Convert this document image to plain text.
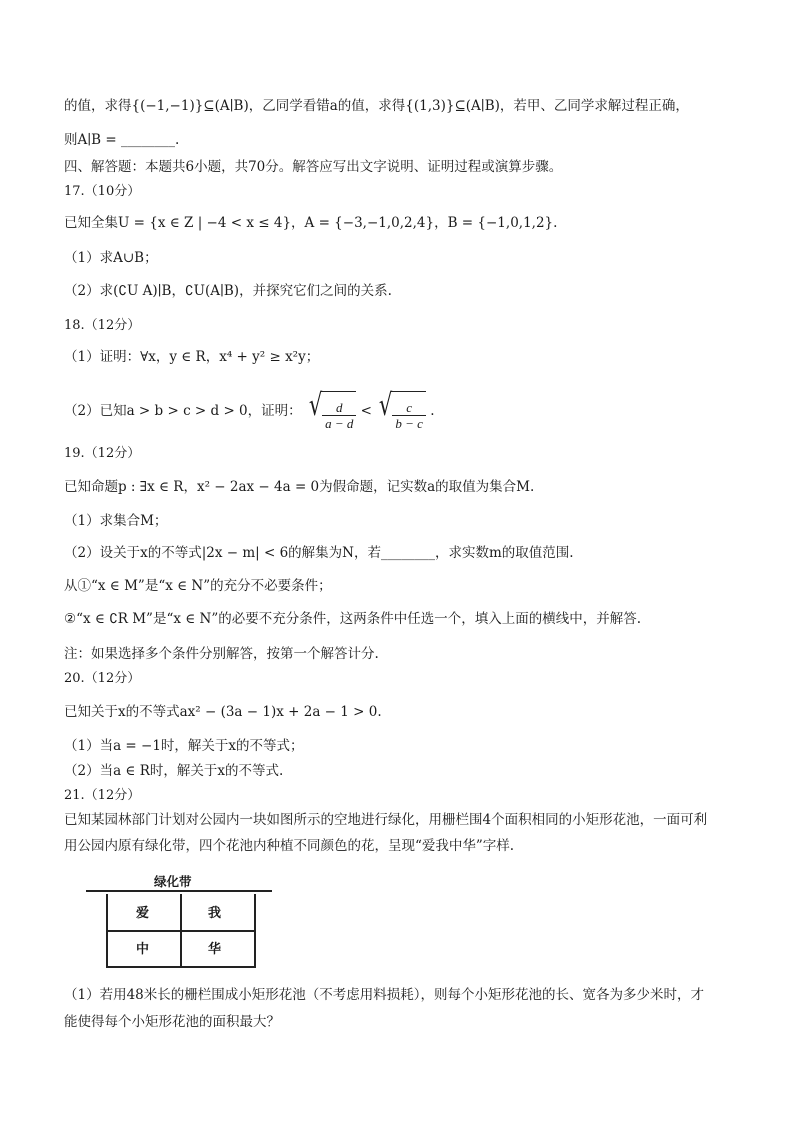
的值，求得{(−1,−1)}⊆(A∣B)，乙同学看错a的值，求得{(1,3)}⊆(A∣B)，若甲、乙同学求解过程正确，
则A∣B = ________.
四、解答题：本题共6小题，共70分。解答应写出文字说明、证明过程或演算步骤。
17.（10分）
已知全集U = {x ∈ Z | −4 < x ≤ 4}，A = {−3,−1,0,2,4}，B = {−1,0,1,2}.
（1）求A∪B；
（2）求(∁U A)∣B，∁U(A∣B)，并探究它们之间的关系.
18.（12分）
（1）证明：∀x，y ∈ R，x⁴ + y² ≥ x²y；
（2）已知a > b > c > d > 0，证明： √ $\frac{d}{a - d}$ < √ $\frac{c}{b - c}$ .
19.（12分）
已知命题p : ∃x ∈ R，x² − 2ax − 4a = 0为假命题，记实数a的取值为集合M.
（1）求集合M；
（2）设关于x的不等式|2x − m| < 6的解集为N，若________，求实数m的取值范围.
从①“x ∈ M”是“x ∈ N”的充分不必要条件；
②“x ∈ ∁R M”是“x ∈ N”的必要不充分条件，这两条件中任选一个，填入上面的横线中，并解答.
注：如果选择多个条件分别解答，按第一个解答计分.
20.（12分）
已知关于x的不等式ax² − (3a − 1)x + 2a − 1 > 0.
（1）当a = −1时，解关于x的不等式；
（2）当a ∈ R时，解关于x的不等式.
21.（12分）
已知某园林部门计划对公园内一块如图所示的空地进行绿化，用栅栏围4个面积相同的小矩形花池，一面可利
用公园内原有绿化带，四个花池内种植不同颜色的花，呈现“爱我中华”字样.
绿化带
爱	我
中	华
（1）若用48米长的栅栏围成小矩形花池（不考虑用料损耗），则每个小矩形花池的长、宽各为多少米时，才
能使得每个小矩形花池的面积最大？
